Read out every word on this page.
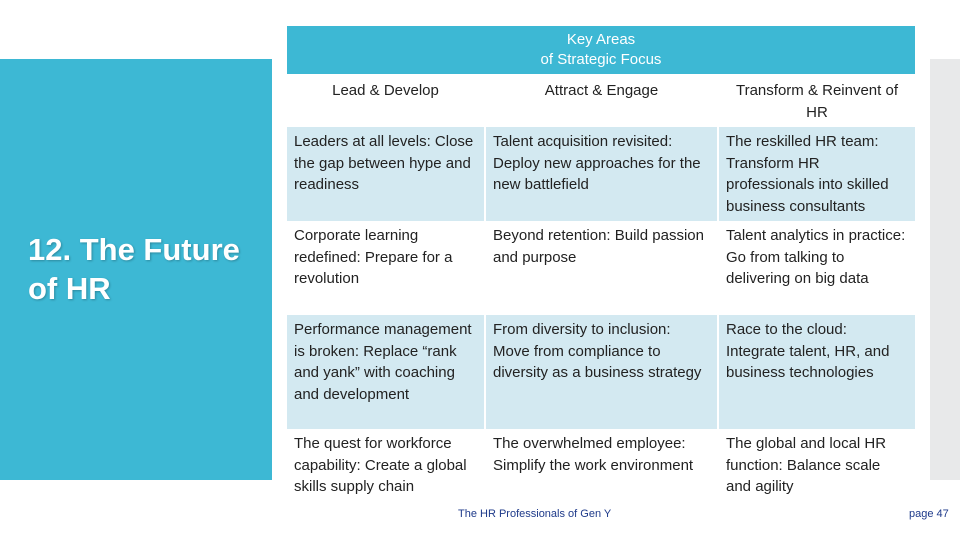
12. The Future of HR
Key Areas
of Strategic Focus
Lead & Develop	Attract & Engage	Transform & Reinvent of HR
Leaders at all levels: Close the gap between hype and readiness	Talent acquisition revisited: Deploy new approaches for the new battlefield	The reskilled HR team: Transform HR professionals into skilled business consultants
Corporate learning redefined: Prepare for a revolution	Beyond retention: Build passion and purpose	Talent analytics in practice: Go from talking to delivering on big data
Performance management is broken: Replace “rank and yank” with coaching and development	From diversity to inclusion: Move from compliance to diversity as a business strategy	Race to the cloud: Integrate talent, HR, and business technologies
The quest for workforce capability: Create a global skills supply chain	The overwhelmed employee: Simplify the work environment	The global and local HR function: Balance scale and agility
The HR Professionals of Gen Y	page 47
